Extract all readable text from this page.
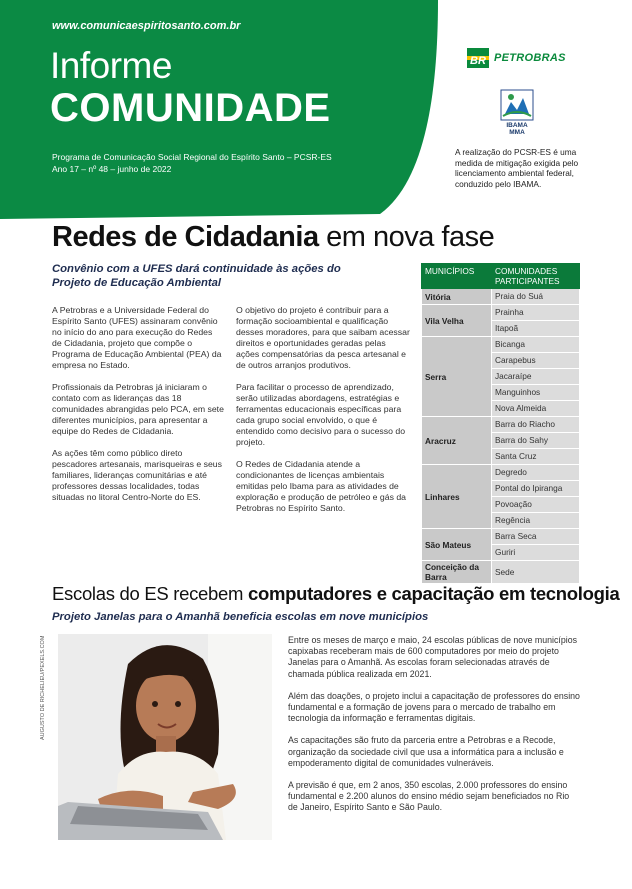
www.comunicaespiritosanto.com.br
Informe
COMUNIDADE
Programa de Comunicação Social Regional do Espírito Santo – PCSR-ES
Ano 17 – nº 48 – junho de 2022
BR PETROBRAS
IBAMA
MMA
A realização do PCSR-ES é uma medida de mitigação exigida pelo licenciamento ambiental federal, conduzido pelo IBAMA.
Redes de Cidadania em nova fase
Convênio com a UFES dará continuidade às ações do Projeto de Educação Ambiental

A Petrobras e a Universidade Federal do Espírito Santo (UFES) assinaram convênio no início do ano para execução do Redes de Cidadania, projeto que compõe o Programa de Educação Ambiental (PEA) da empresa no Estado.

Profissionais da Petrobras já iniciaram o contato com as lideranças das 18 comunidades abrangidas pelo PCA, em sete diferentes municípios, para apresentar a equipe do Redes de Cidadania.

As ações têm como público direto pescadores artesanais, marisqueiras e seus familiares, lideranças comunitárias e até professores dessas localidades, todas situadas no litoral Centro-Norte do ES.

O objetivo do projeto é contribuir para a formação socioambiental e qualificação desses moradores, para que saibam acessar direitos e oportunidades geradas pelas ações compensatórias da pesca artesanal e de outros arranjos produtivos.

Para facilitar o processo de aprendizado, serão utilizadas abordagens, estratégias e ferramentas educacionais específicas para cada grupo social envolvido, o que é entendido como decisivo para o sucesso do projeto.

O Redes de Cidadania atende a condicionantes de licenças ambientais emitidas pelo Ibama para as atividades de exploração e produção de petróleo e gás da Petrobras no Espírito Santo.

MUNICÍPIOS	COMUNIDADES PARTICIPANTES
Vitória	Praia do Suá
Vila Velha	Prainha
	Itapoã
Serra	Bicanga
	Carapebus
	Jacaraípe
	Manguinhos
	Nova Almeida
Aracruz	Barra do Riacho
	Barra do Sahy
	Santa Cruz
Linhares	Degredo
	Pontal do Ipiranga
	Povoação
	Regência
São Mateus	Barra Seca
	Guriri
Conceição da Barra	Sede
Escolas do ES recebem computadores e capacitação em tecnologia
Projeto Janelas para o Amanhã beneficia escolas em nove municípios
AUGUSTO DE RICHELIEU/PEXELS.COM	Entre os meses de março e maio, 24 escolas públicas de nove municípios capixabas receberam mais de 600 computadores por meio do projeto Janelas para o Amanhã. As escolas foram selecionadas através de chamada pública realizada em 2021.

Além das doações, o projeto inclui a capacitação de professores do ensino fundamental e a formação de jovens para o mercado de trabalho em tecnologia da informação e ferramentas digitais.

As capacitações são fruto da parceria entre a Petrobras e a Recode, organização da sociedade civil que usa a informática para a inclusão e empoderamento digital de comunidades vulneráveis.

A previsão é que, em 2 anos, 350 escolas, 2.000 professores do ensino fundamental e 2.200 alunos do ensino médio sejam beneficiados no Rio de Janeiro, Espírito Santo e São Paulo.
